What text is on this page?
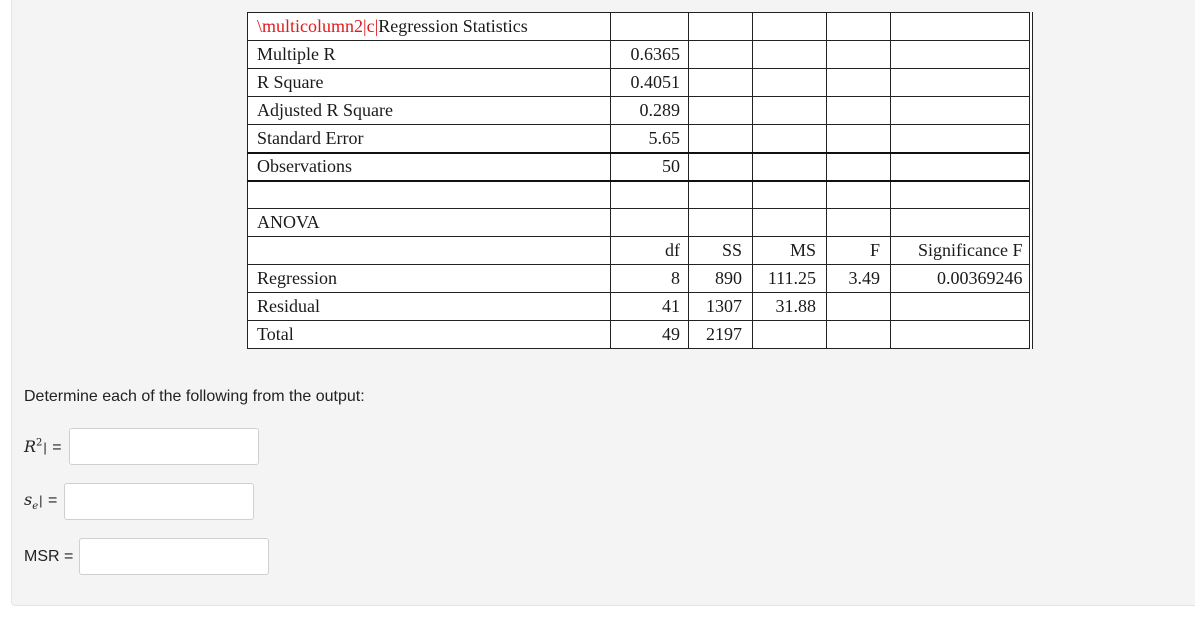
\multicolumn2|c|Regression Statistics					
Multiple R	0.6365				
R Square	0.4051				
Adjusted R Square	0.289				
Standard Error	5.65				
Observations	50				

ANOVA					
	df	SS	MS	F	Significance F
Regression	8	890	111.25	3.49	0.00369246
Residual	41	1307	31.88		
Total	49	2197			
Determine each of the following from the output:
$R^2|$ =
$s_e|$ =
MSR =
